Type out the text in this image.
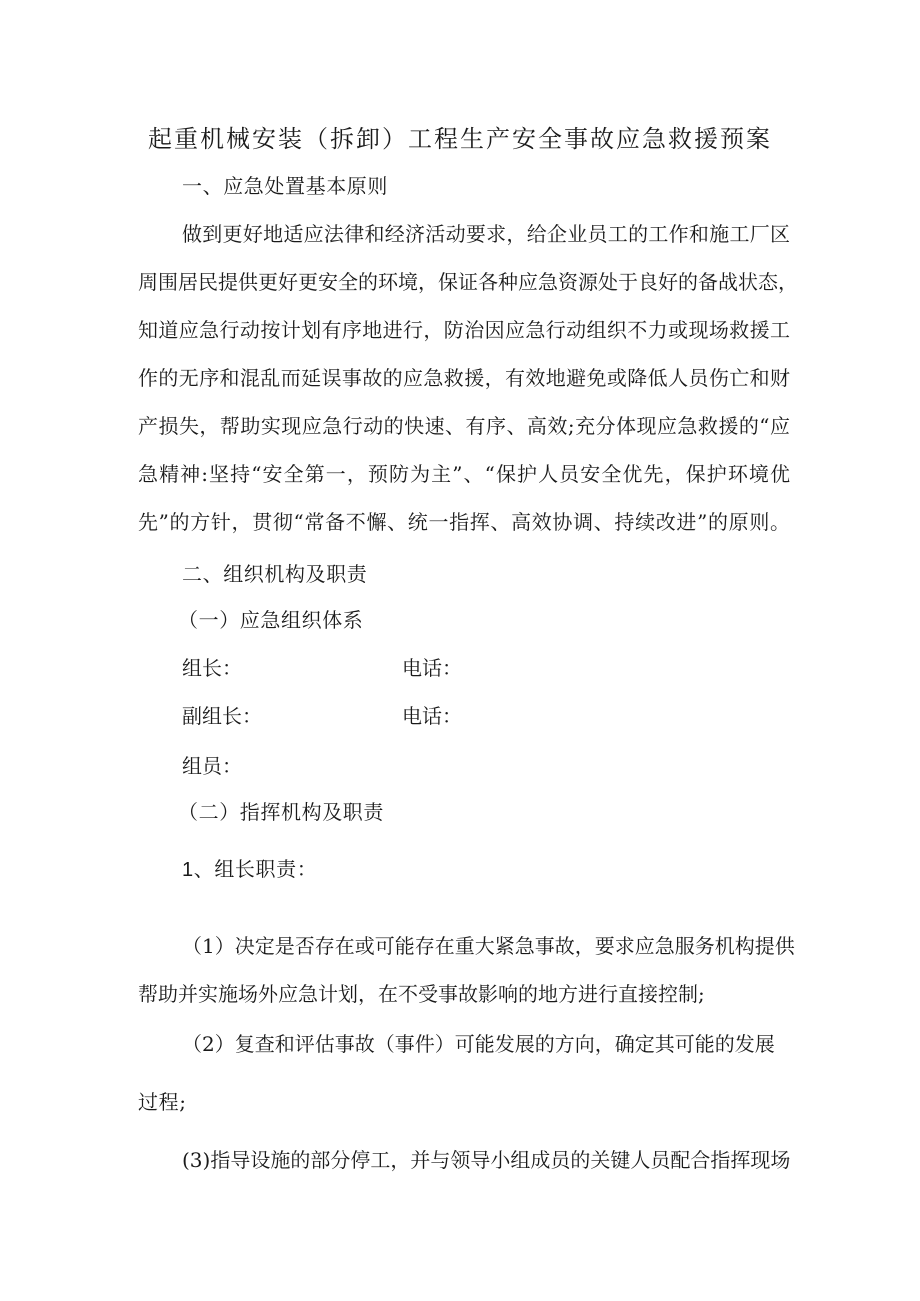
起重机械安装（拆卸）工程生产安全事故应急救援预案
一、应急处置基本原则
做到更好地适应法律和经济活动要求，给企业员工的工作和施工厂区
周围居民提供更好更安全的环境，保证各种应急资源处于良好的备战状态，
知道应急行动按计划有序地进行，防治因应急行动组织不力或现场救援工
作的无序和混乱而延误事故的应急救援，有效地避免或降低人员伤亡和财
产损失，帮助实现应急行动的快速、有序、高效;充分体现应急救援的“应
急精神:坚持“安全第一，预防为主”、“保护人员安全优先，保护环境优
先”的方针，贯彻“常备不懈、统一指挥、高效协调、持续改进”的原则。
二、组织机构及职责
（一）应急组织体系
组长：	电话：
副组长：	电话：
组员：
（二）指挥机构及职责
1、组长职责：
（1）决定是否存在或可能存在重大紧急事故，要求应急服务机构提供
帮助并实施场外应急计划，在不受事故影响的地方进行直接控制;
（2）复查和评估事故（事件）可能发展的方向，确定其可能的发展
过程;
(3)指导设施的部分停工，并与领导小组成员的关键人员配合指挥现场
